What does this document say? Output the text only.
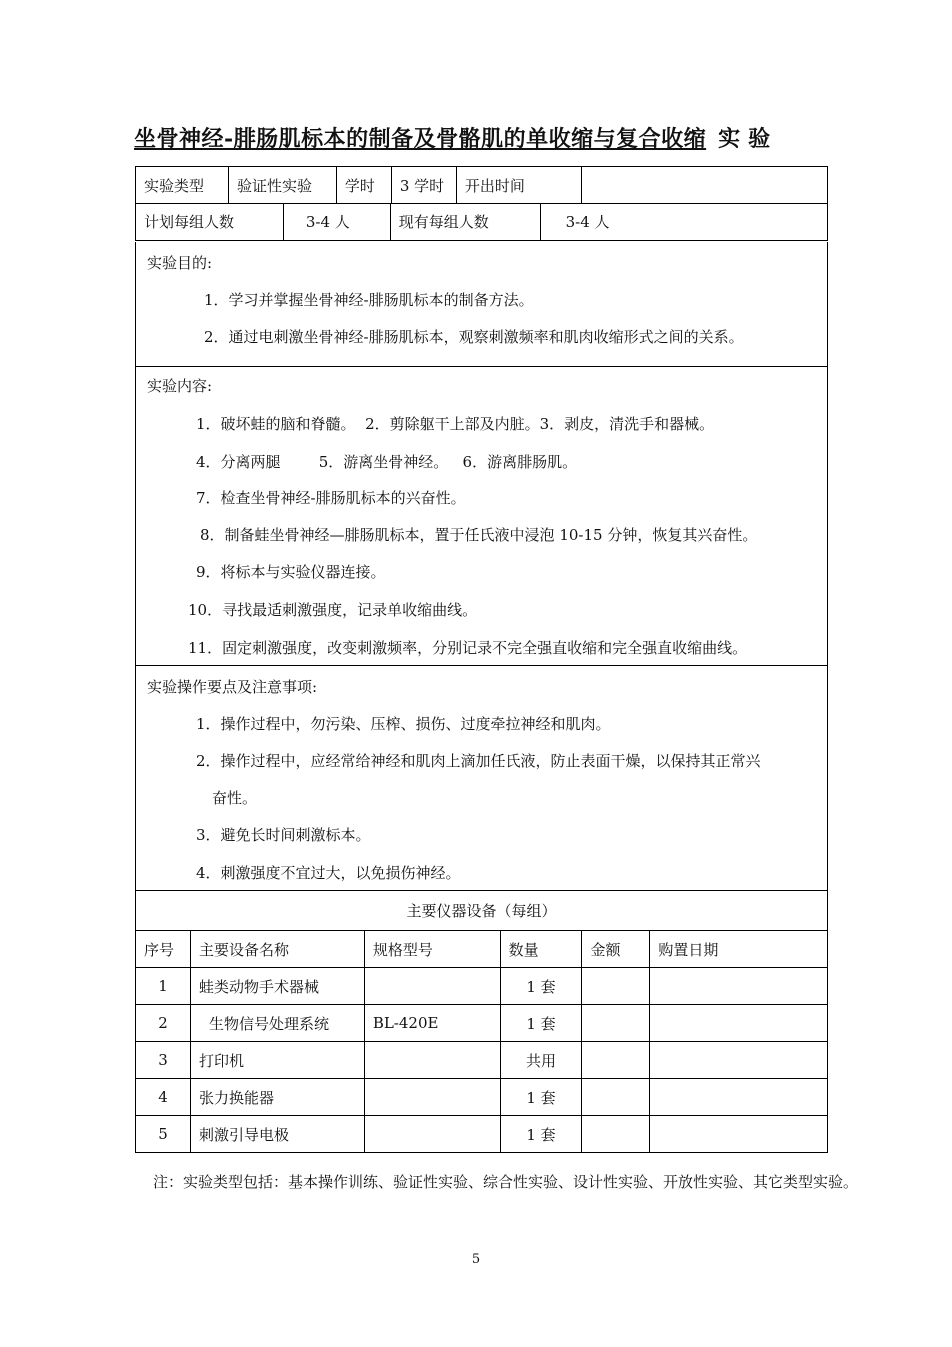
坐骨神经-腓肠肌标本的制备及骨骼肌的单收缩与复合收缩 实验
实验类型	验证性实验	学时	3 学时	开出时间	
计划每组人数	3-4 人	现有每组人数	3-4 人
实验目的:
1．学习并掌握坐骨神经-腓肠肌标本的制备方法。
2．通过电刺激坐骨神经-腓肠肌标本，观察刺激频率和肌肉收缩形式之间的关系。
实验内容:
1．破坏蛙的脑和脊髓。  2．剪除躯干上部及内脏。3．剥皮，清洗手和器械。
4．分离两腿        5．游离坐骨神经。   6．游离腓肠肌。
7．检查坐骨神经-腓肠肌标本的兴奋性。
8．制备蛙坐骨神经—腓肠肌标本，置于任氏液中浸泡 10-15 分钟，恢复其兴奋性。
9．将标本与实验仪器连接。
10．寻找最适刺激强度，记录单收缩曲线。
11．固定刺激强度，改变刺激频率，分别记录不完全强直收缩和完全强直收缩曲线。
实验操作要点及注意事项:
1．操作过程中，勿污染、压榨、损伤、过度牵拉神经和肌肉。
2．操作过程中，应经常给神经和肌肉上滴加任氏液，防止表面干燥，以保持其正常兴
奋性。
3．避免长时间刺激标本。
4．刺激强度不宜过大，以免损伤神经。
主要仪器设备（每组）					
序号	主要设备名称	规格型号	数量	金额	购置日期
1	蛙类动物手术器械		1 套		
2	生物信号处理系统	BL-420E	1 套		
3	打印机		共用		
4	张力换能器		1 套		
5	刺激引导电极		1 套		
注：实验类型包括：基本操作训练、验证性实验、综合性实验、设计性实验、开放性实验、其它类型实验。
5
